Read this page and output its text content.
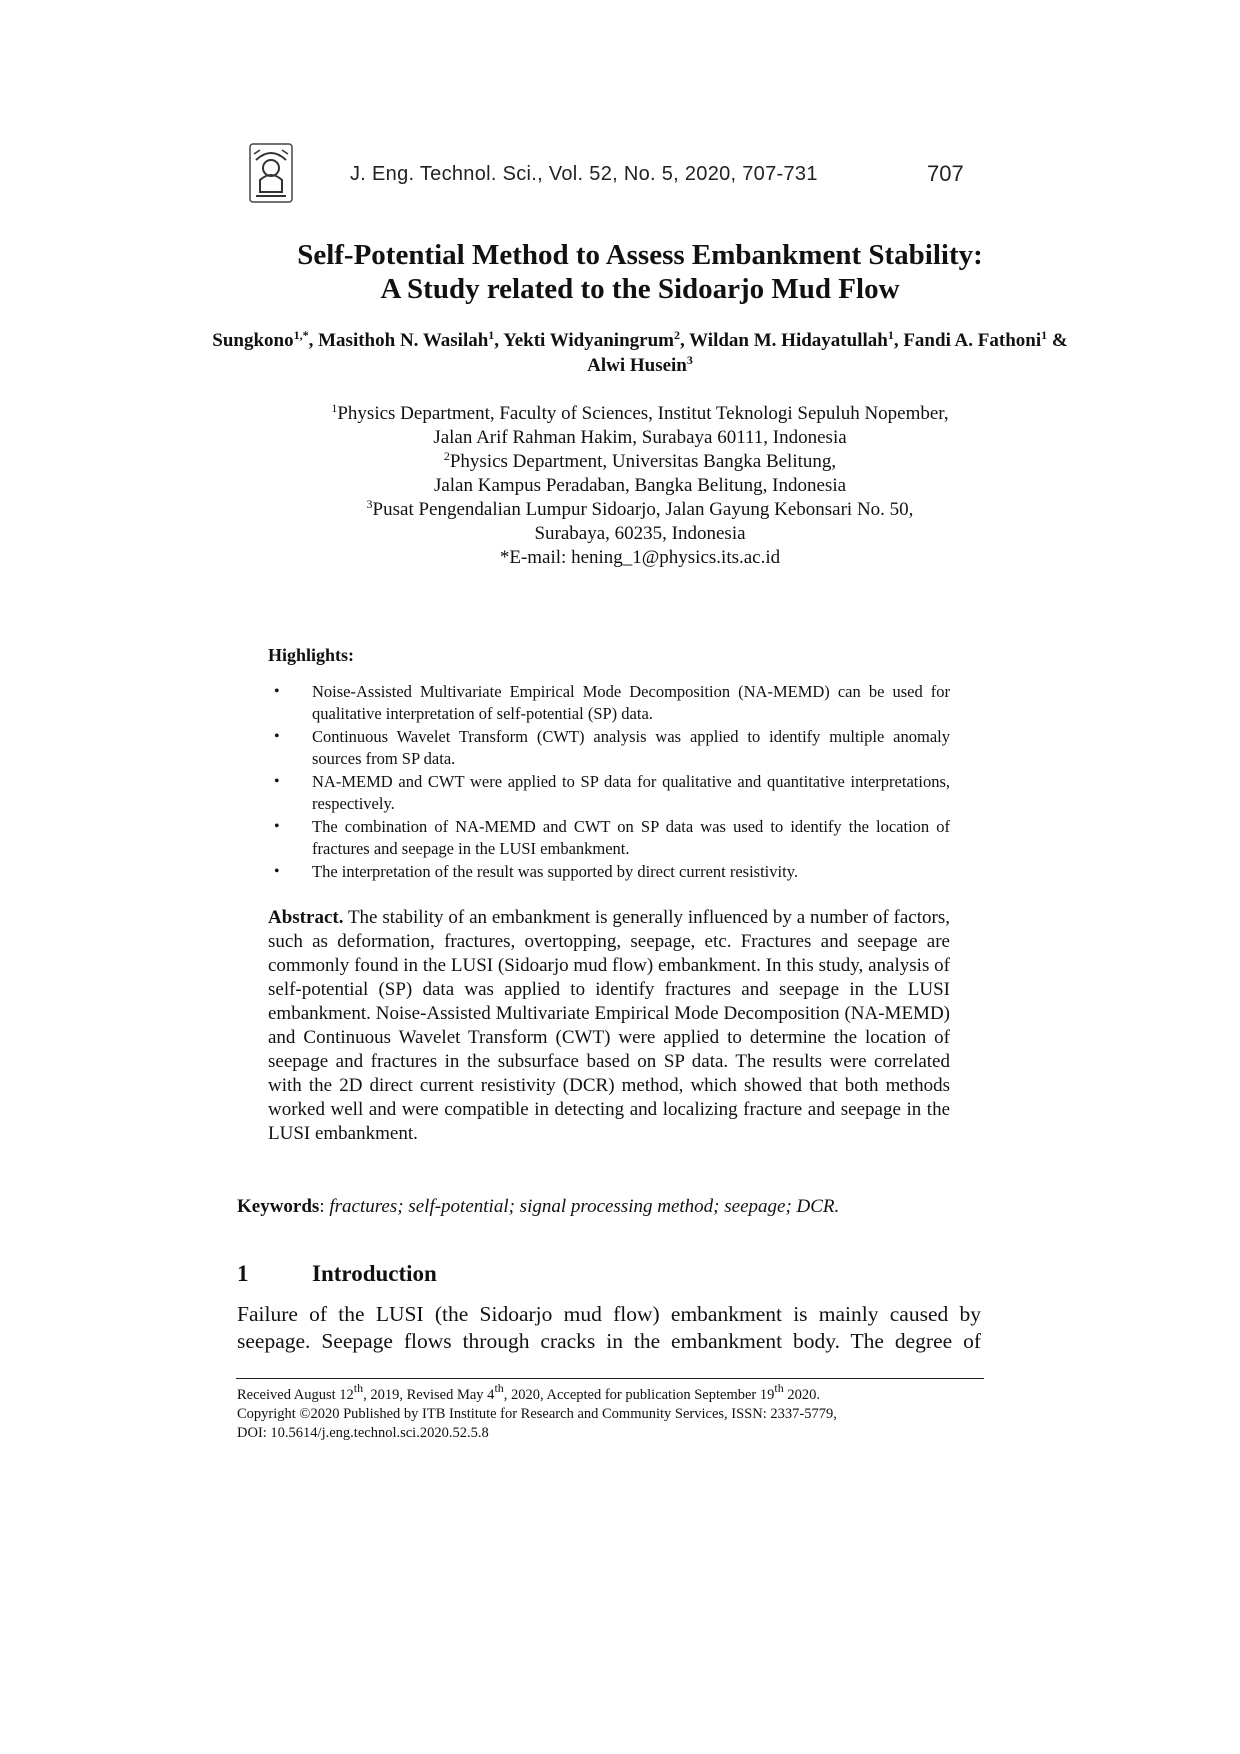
J. Eng. Technol. Sci., Vol. 52, No. 5, 2020, 707-731	707
Self-Potential Method to Assess Embankment Stability:
A Study related to the Sidoarjo Mud Flow
Sungkono$^{1,*}$, Masithoh N. Wasilah$^1$, Yekti Widyaningrum$^2$, Wildan M. Hidayatullah$^1$, Fandi A. Fathoni$^1$ & Alwi Husein$^3$
$^1$Physics Department, Faculty of Sciences, Institut Teknologi Sepuluh Nopember,
Jalan Arif Rahman Hakim, Surabaya 60111, Indonesia
$^2$Physics Department, Universitas Bangka Belitung,
Jalan Kampus Peradaban, Bangka Belitung, Indonesia
$^3$Pusat Pengendalian Lumpur Sidoarjo, Jalan Gayung Kebonsari No. 50,
Surabaya, 60235, Indonesia
*E-mail: hening_1@physics.its.ac.id
Highlights:
• Noise-Assisted Multivariate Empirical Mode Decomposition (NA-MEMD) can be used for qualitative interpretation of self-potential (SP) data.
• Continuous Wavelet Transform (CWT) analysis was applied to identify multiple anomaly sources from SP data.
• NA-MEMD and CWT were applied to SP data for qualitative and quantitative interpretations, respectively.
• The combination of NA-MEMD and CWT on SP data was used to identify the location of fractures and seepage in the LUSI embankment.
• The interpretation of the result was supported by direct current resistivity.

Abstract. The stability of an embankment is generally influenced by a number of factors, such as deformation, fractures, overtopping, seepage, etc. Fractures and seepage are commonly found in the LUSI (Sidoarjo mud flow) embankment. In this study, analysis of self-potential (SP) data was applied to identify fractures and seepage in the LUSI embankment. Noise-Assisted Multivariate Empirical Mode Decomposition (NA-MEMD) and Continuous Wavelet Transform (CWT) were applied to determine the location of seepage and fractures in the subsurface based on SP data. The results were correlated with the 2D direct current resistivity (DCR) method, which showed that both methods worked well and were compatible in detecting and localizing fracture and seepage in the LUSI embankment.

Keywords: fractures; self-potential; signal processing method; seepage; DCR.
1	Introduction

Failure of the LUSI (the Sidoarjo mud flow) embankment is mainly caused by seepage. Seepage flows through cracks in the embankment body. The degree of

Received August 12th, 2019, Revised May 4th, 2020, Accepted for publication September 19th 2020.
Copyright ©2020 Published by ITB Institute for Research and Community Services, ISSN: 2337-5779,
DOI: 10.5614/j.eng.technol.sci.2020.52.5.8
